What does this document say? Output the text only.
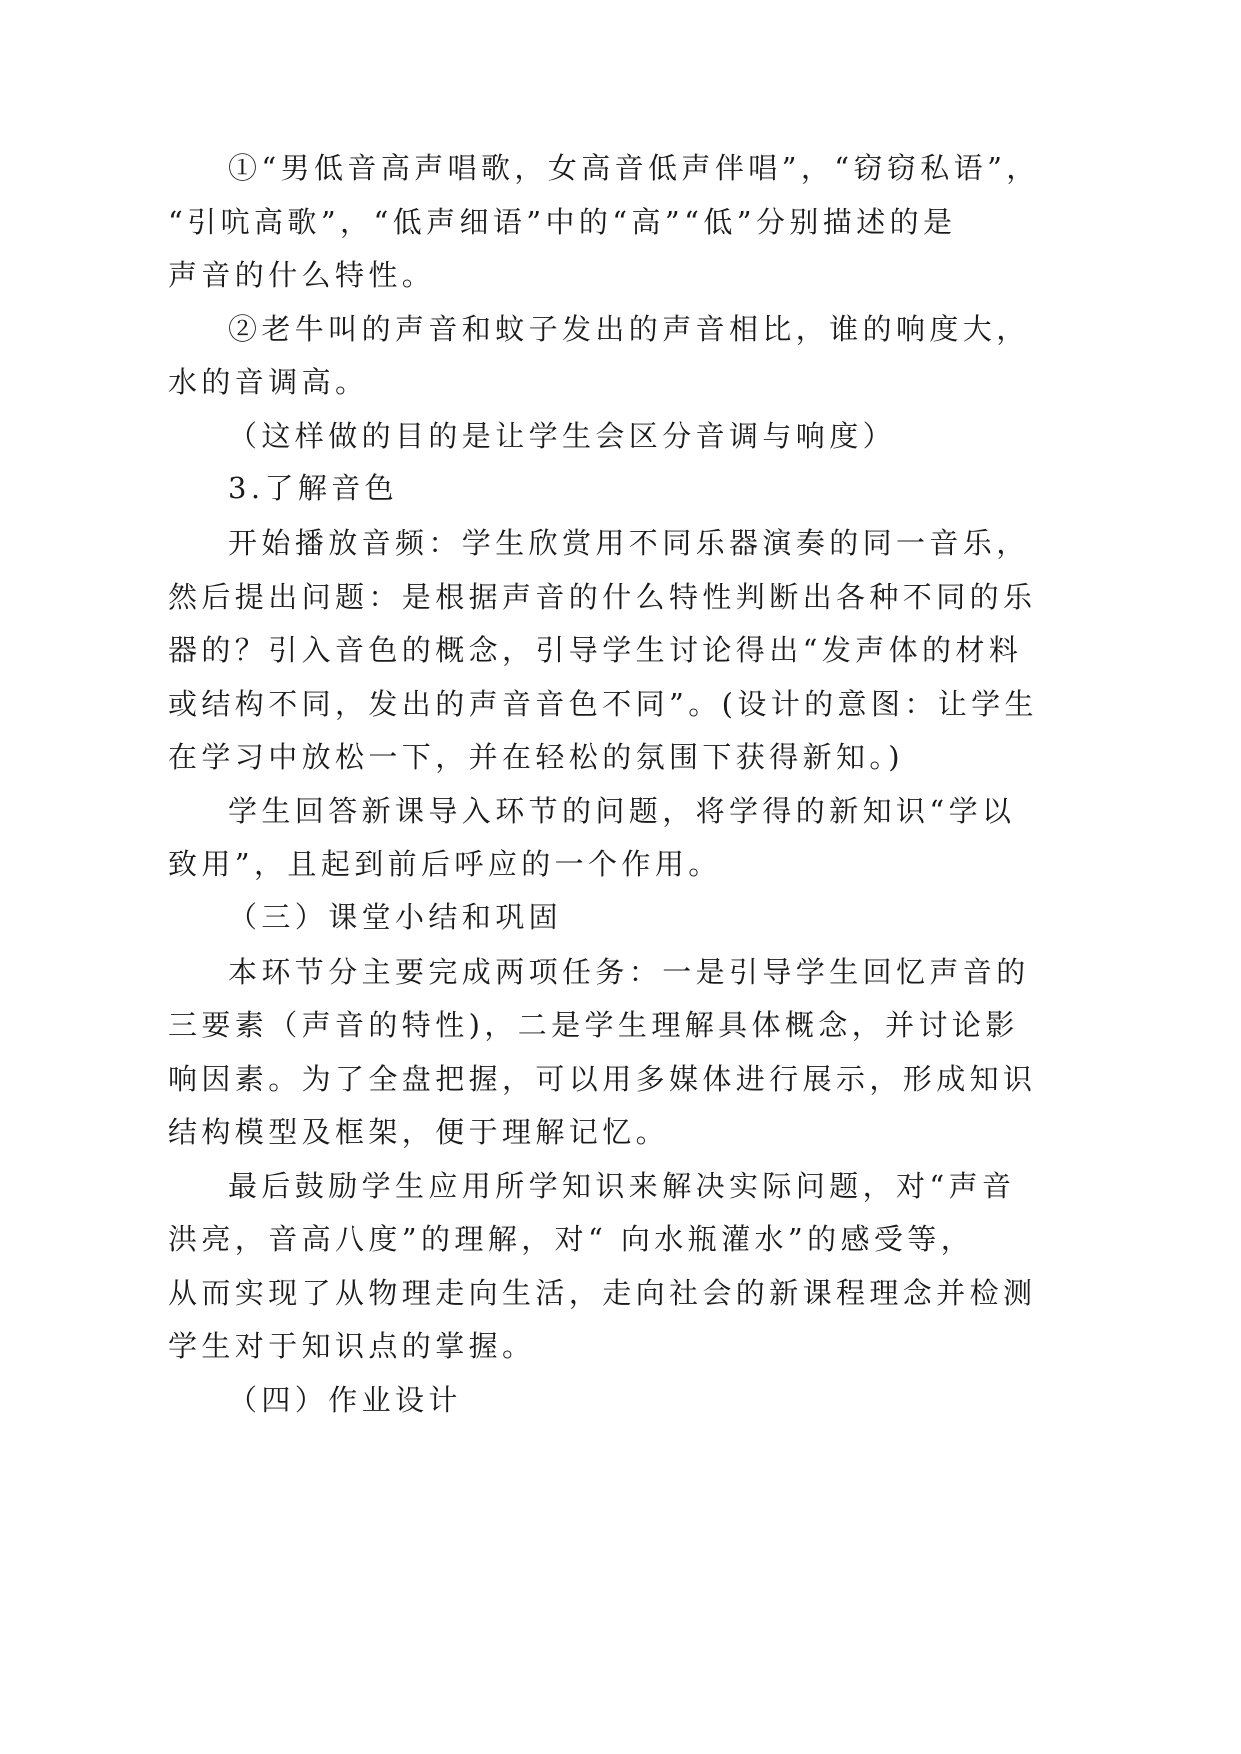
①“男低音高声唱歌，女高音低声伴唱”，“窃窃私语”，
“引吭高歌”，“低声细语”中的“高”“低”分别描述的是
声音的什么特性。
②老牛叫的声音和蚊子发出的声音相比，谁的响度大，
水的音调高。
（这样做的目的是让学生会区分音调与响度）
3.了解音色
开始播放音频：学生欣赏用不同乐器演奏的同一音乐，
然后提出问题：是根据声音的什么特性判断出各种不同的乐
器的？引入音色的概念，引导学生讨论得出“发声体的材料
或结构不同，发出的声音音色不同”。(设计的意图：让学生
在学习中放松一下，并在轻松的氛围下获得新知。)
学生回答新课导入环节的问题，将学得的新知识“学以
致用”，且起到前后呼应的一个作用。
（三）课堂小结和巩固
本环节分主要完成两项任务：一是引导学生回忆声音的
三要素（声音的特性)，二是学生理解具体概念，并讨论影
响因素。为了全盘把握，可以用多媒体进行展示，形成知识
结构模型及框架，便于理解记忆。
最后鼓励学生应用所学知识来解决实际问题，对“声音
洪亮，音高八度”的理解，对“ 向水瓶灌水”的感受等，
从而实现了从物理走向生活，走向社会的新课程理念并检测
学生对于知识点的掌握。
（四）作业设计
